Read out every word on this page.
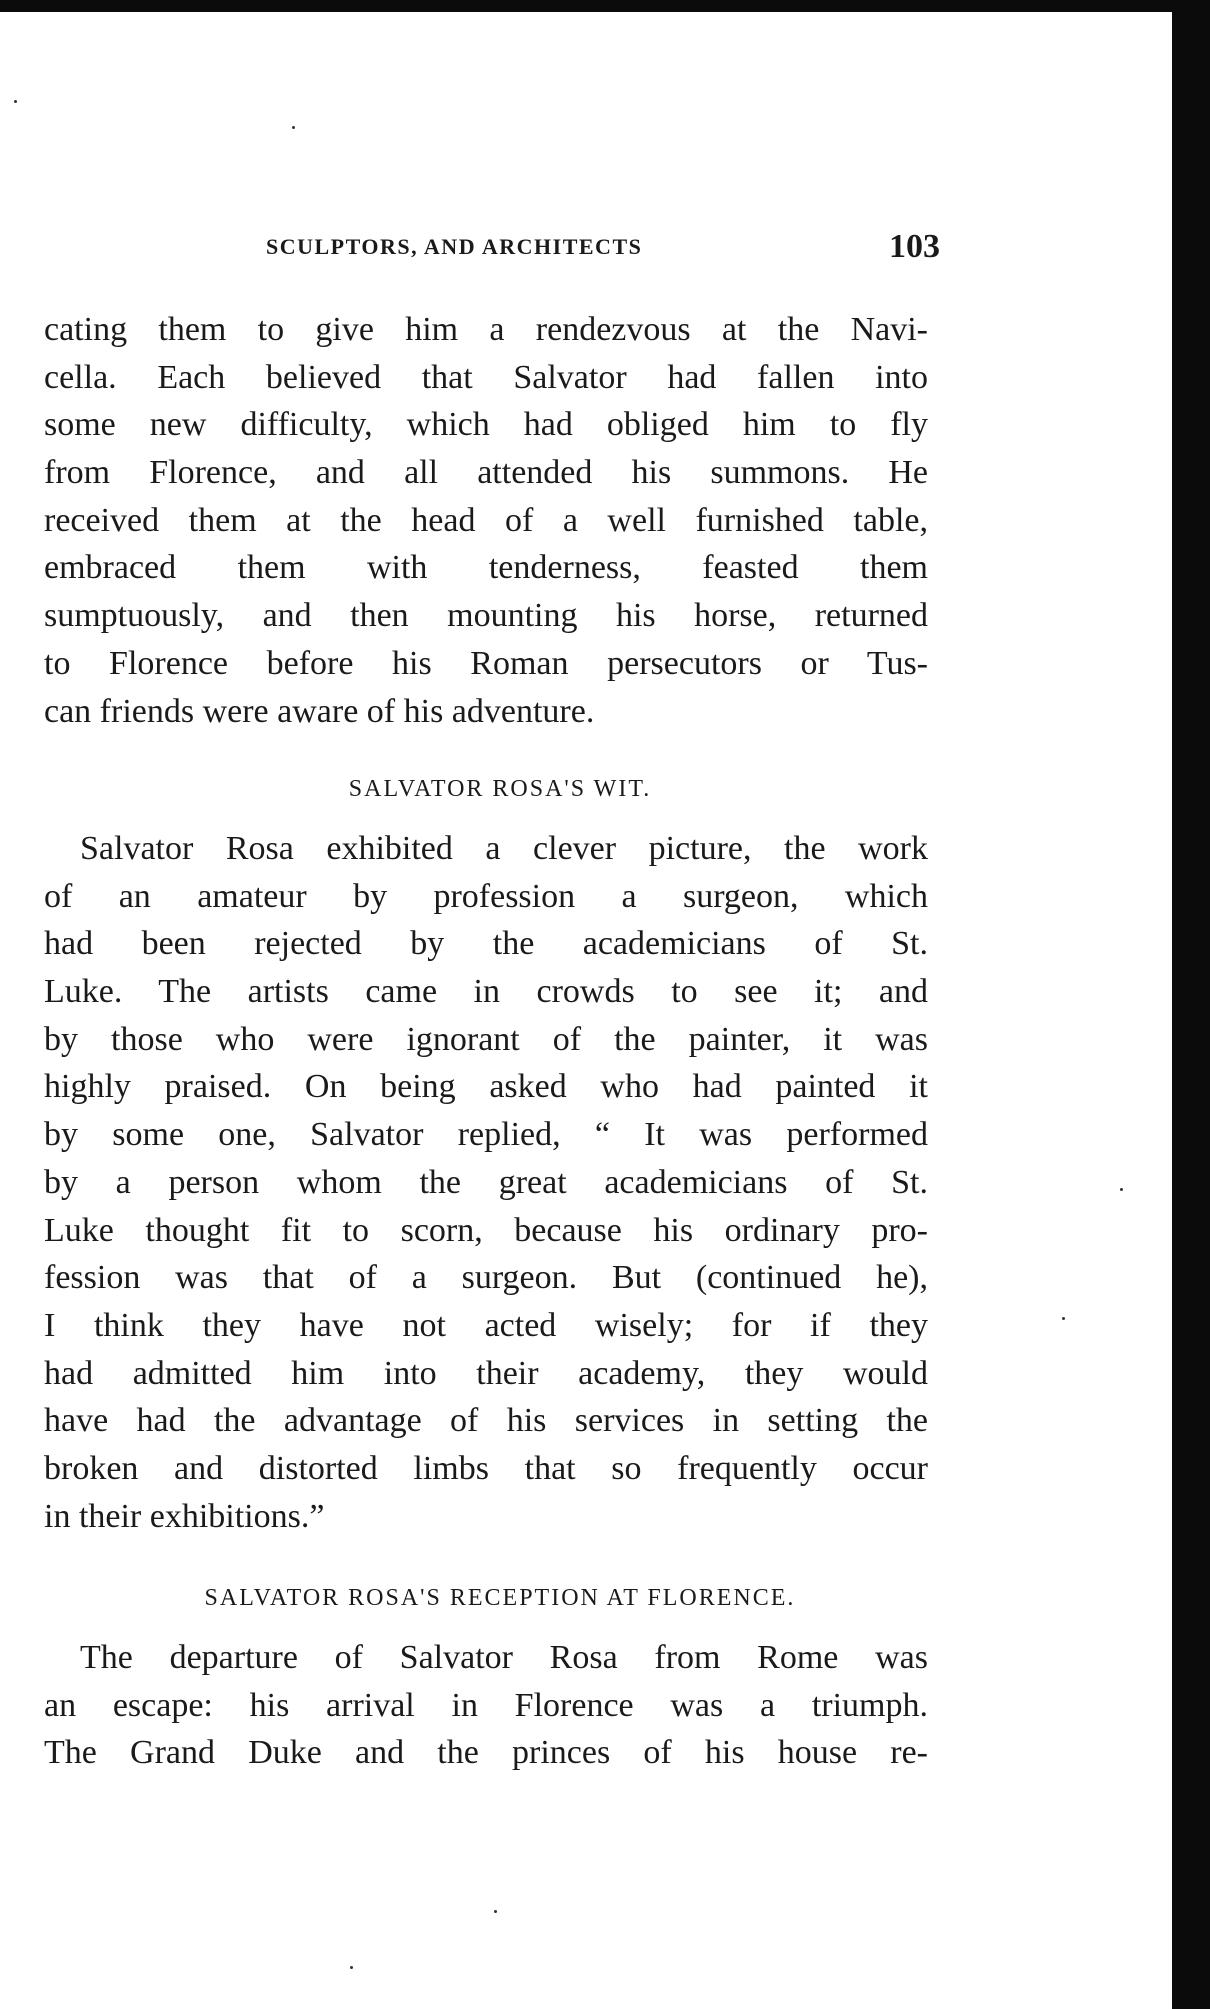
SCULPTORS, AND ARCHITECTS	103
cating them to give him a rendezvous at the Navi-
cella. Each believed that Salvator had fallen into
some new difficulty, which had obliged him to fly
from Florence, and all attended his summons. He
received them at the head of a well furnished table,
embraced them with tenderness, feasted them
sumptuously, and then mounting his horse, returned
to Florence before his Roman persecutors or Tus-
can friends were aware of his adventure.
SALVATOR ROSA'S WIT.
Salvator Rosa exhibited a clever picture, the work
of an amateur by profession a surgeon, which
had been rejected by the academicians of St.
Luke. The artists came in crowds to see it; and
by those who were ignorant of the painter, it was
highly praised. On being asked who had painted it
by some one, Salvator replied, “ It was performed
by a person whom the great academicians of St.
Luke thought fit to scorn, because his ordinary pro-
fession was that of a surgeon. But (continued he),
I think they have not acted wisely; for if they
had admitted him into their academy, they would
have had the advantage of his services in setting the
broken and distorted limbs that so frequently occur
in their exhibitions.”
SALVATOR ROSA'S RECEPTION AT FLORENCE.
The departure of Salvator Rosa from Rome was
an escape: his arrival in Florence was a triumph.
The Grand Duke and the princes of his house re-
